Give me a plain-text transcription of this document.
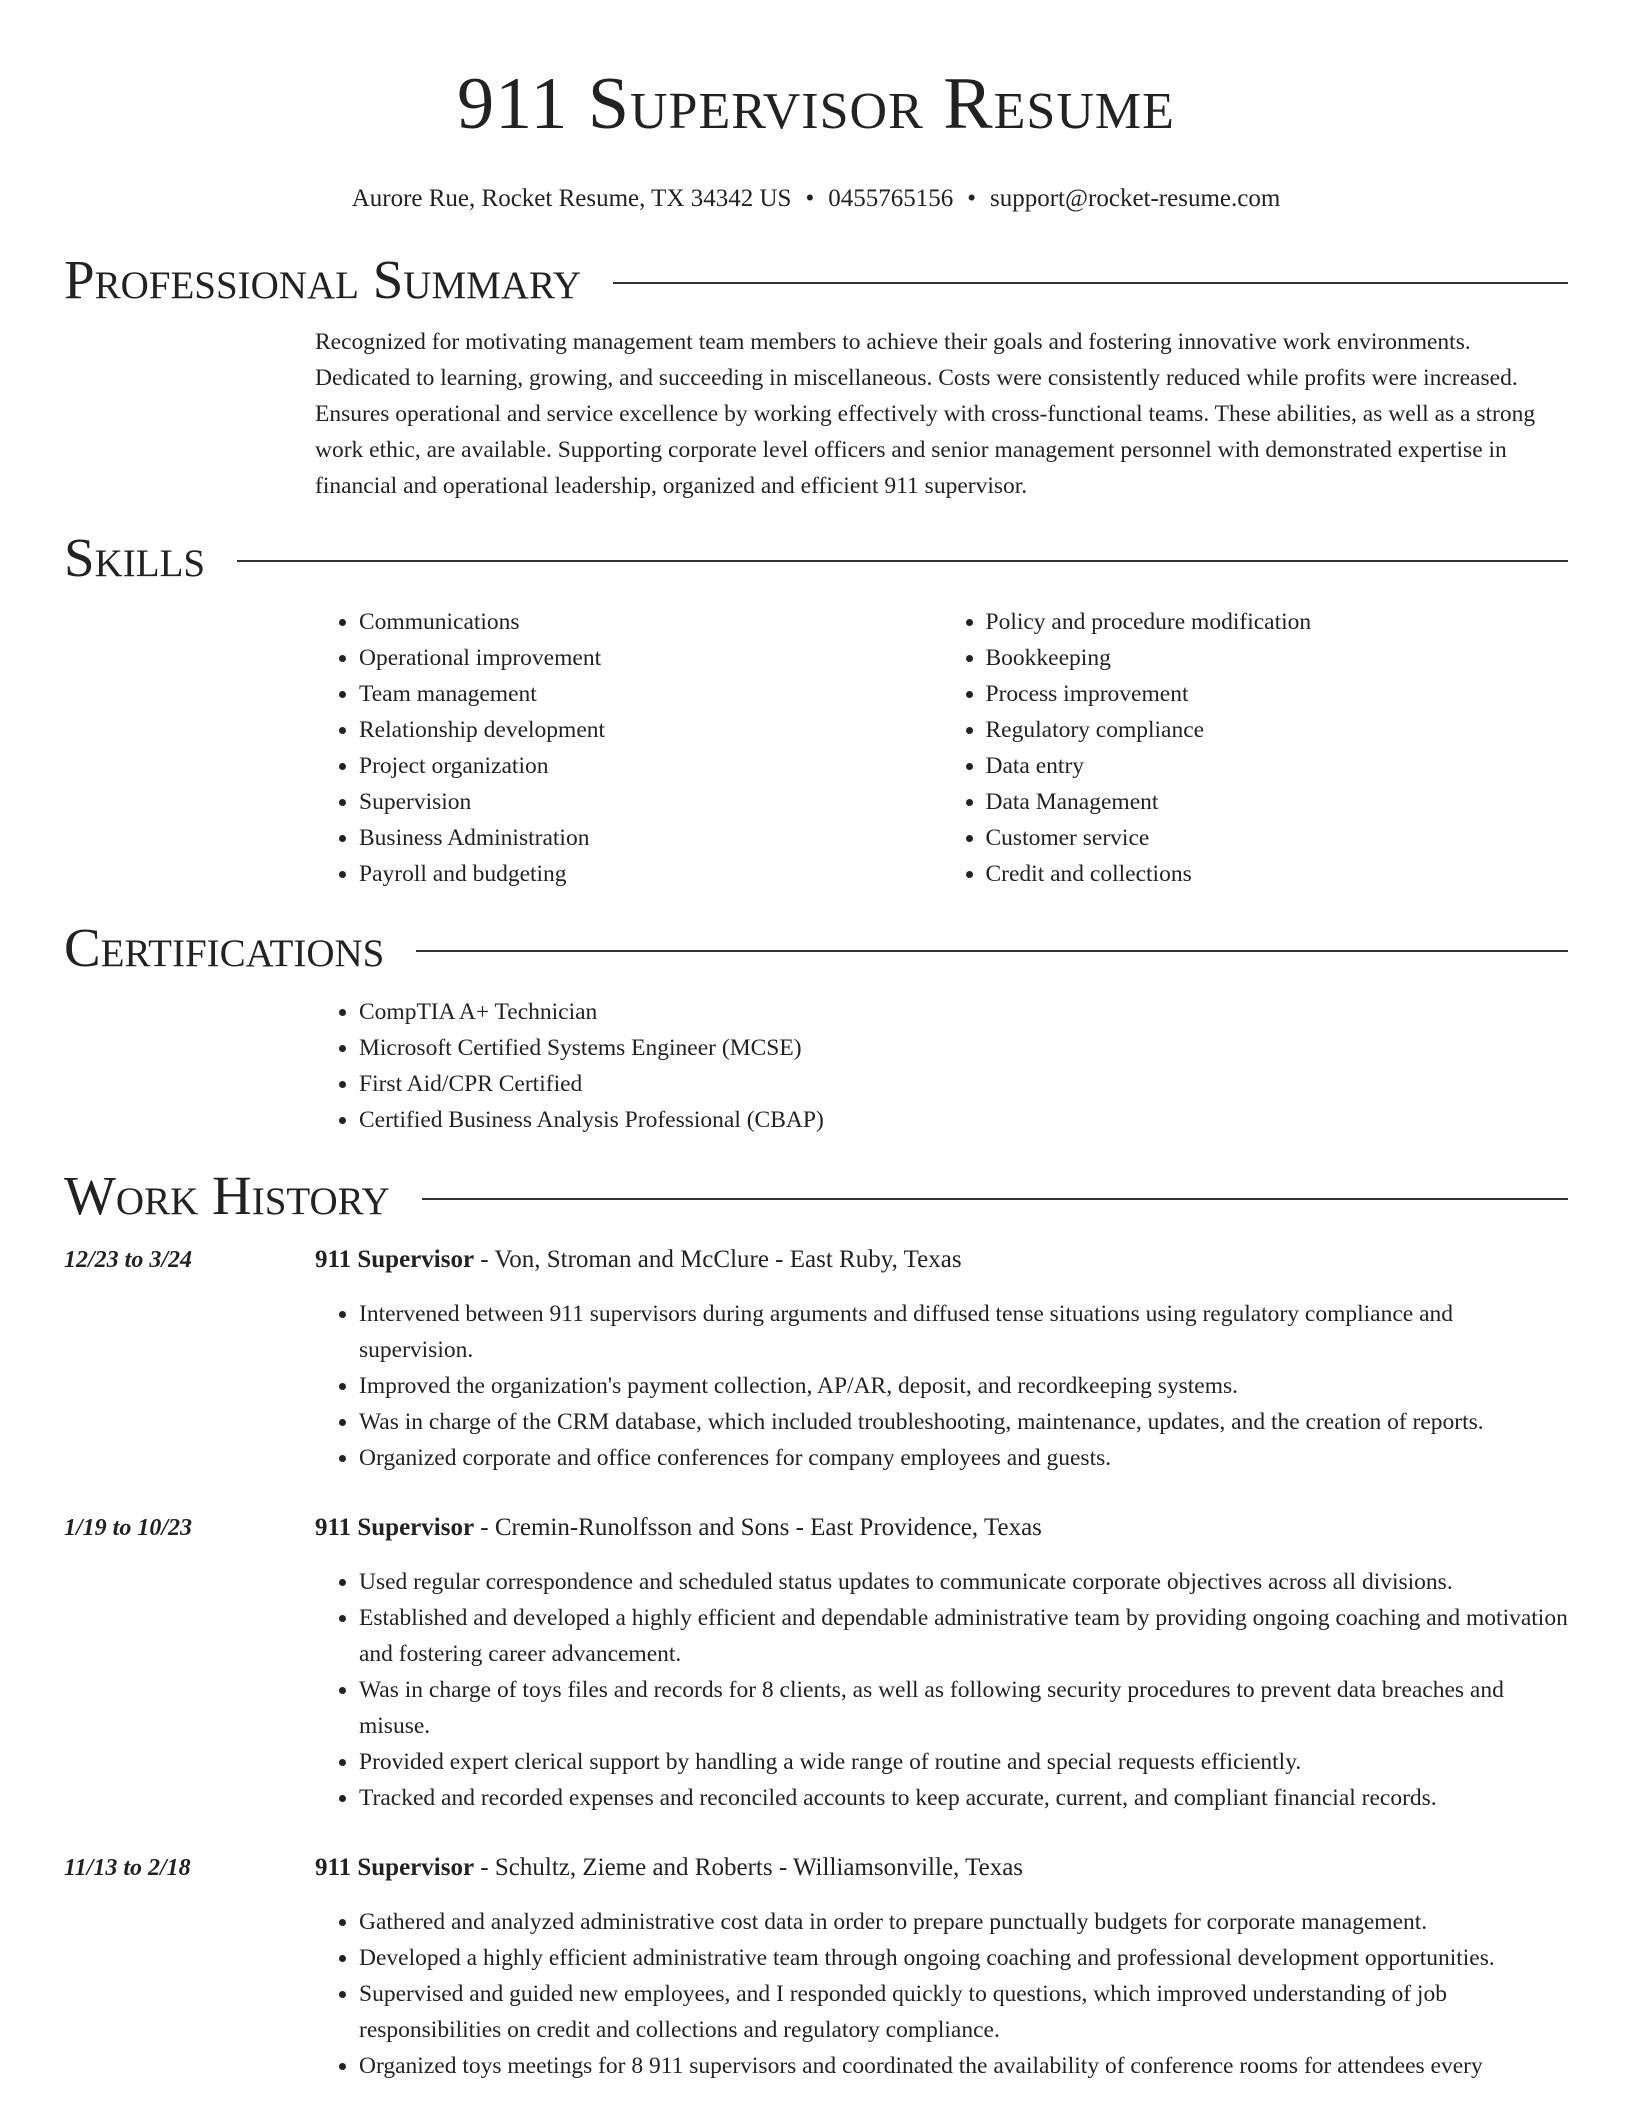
911 Supervisor Resume
Aurore Rue, Rocket Resume, TX 34342 US • 0455765156 • support@rocket-resume.com
Professional Summary

Recognized for motivating management team members to achieve their goals and fostering innovative work environments. Dedicated to learning, growing, and succeeding in miscellaneous. Costs were consistently reduced while profits were increased. Ensures operational and service excellence by working effectively with cross-functional teams. These abilities, as well as a strong work ethic, are available. Supporting corporate level officers and senior management personnel with demonstrated expertise in financial and operational leadership, organized and efficient 911 supervisor.

Skills
• Communications
• Operational improvement
• Team management
• Relationship development
• Project organization
• Supervision
• Business Administration
• Payroll and budgeting
• Policy and procedure modification
• Bookkeeping
• Process improvement
• Regulatory compliance
• Data entry
• Data Management
• Customer service
• Credit and collections
Certifications
• CompTIA A+ Technician
• Microsoft Certified Systems Engineer (MCSE)
• First Aid/CPR Certified
• Certified Business Analysis Professional (CBAP)
Work History
12/23 to 3/24	911 Supervisor - Von, Stroman and McClure - East Ruby, Texas
• Intervened between 911 supervisors during arguments and diffused tense situations using regulatory compliance and supervision.
• Improved the organization's payment collection, AP/AR, deposit, and recordkeeping systems.
• Was in charge of the CRM database, which included troubleshooting, maintenance, updates, and the creation of reports.
• Organized corporate and office conferences for company employees and guests.
1/19 to 10/23	911 Supervisor - Cremin-Runolfsson and Sons - East Providence, Texas
• Used regular correspondence and scheduled status updates to communicate corporate objectives across all divisions.
• Established and developed a highly efficient and dependable administrative team by providing ongoing coaching and motivation and fostering career advancement.
• Was in charge of toys files and records for 8 clients, as well as following security procedures to prevent data breaches and misuse.
• Provided expert clerical support by handling a wide range of routine and special requests efficiently.
• Tracked and recorded expenses and reconciled accounts to keep accurate, current, and compliant financial records.
11/13 to 2/18	911 Supervisor - Schultz, Zieme and Roberts - Williamsonville, Texas
• Gathered and analyzed administrative cost data in order to prepare punctually budgets for corporate management.
• Developed a highly efficient administrative team through ongoing coaching and professional development opportunities.
• Supervised and guided new employees, and I responded quickly to questions, which improved understanding of job responsibilities on credit and collections and regulatory compliance.
• Organized toys meetings for 8 911 supervisors and coordinated the availability of conference rooms for attendees every
